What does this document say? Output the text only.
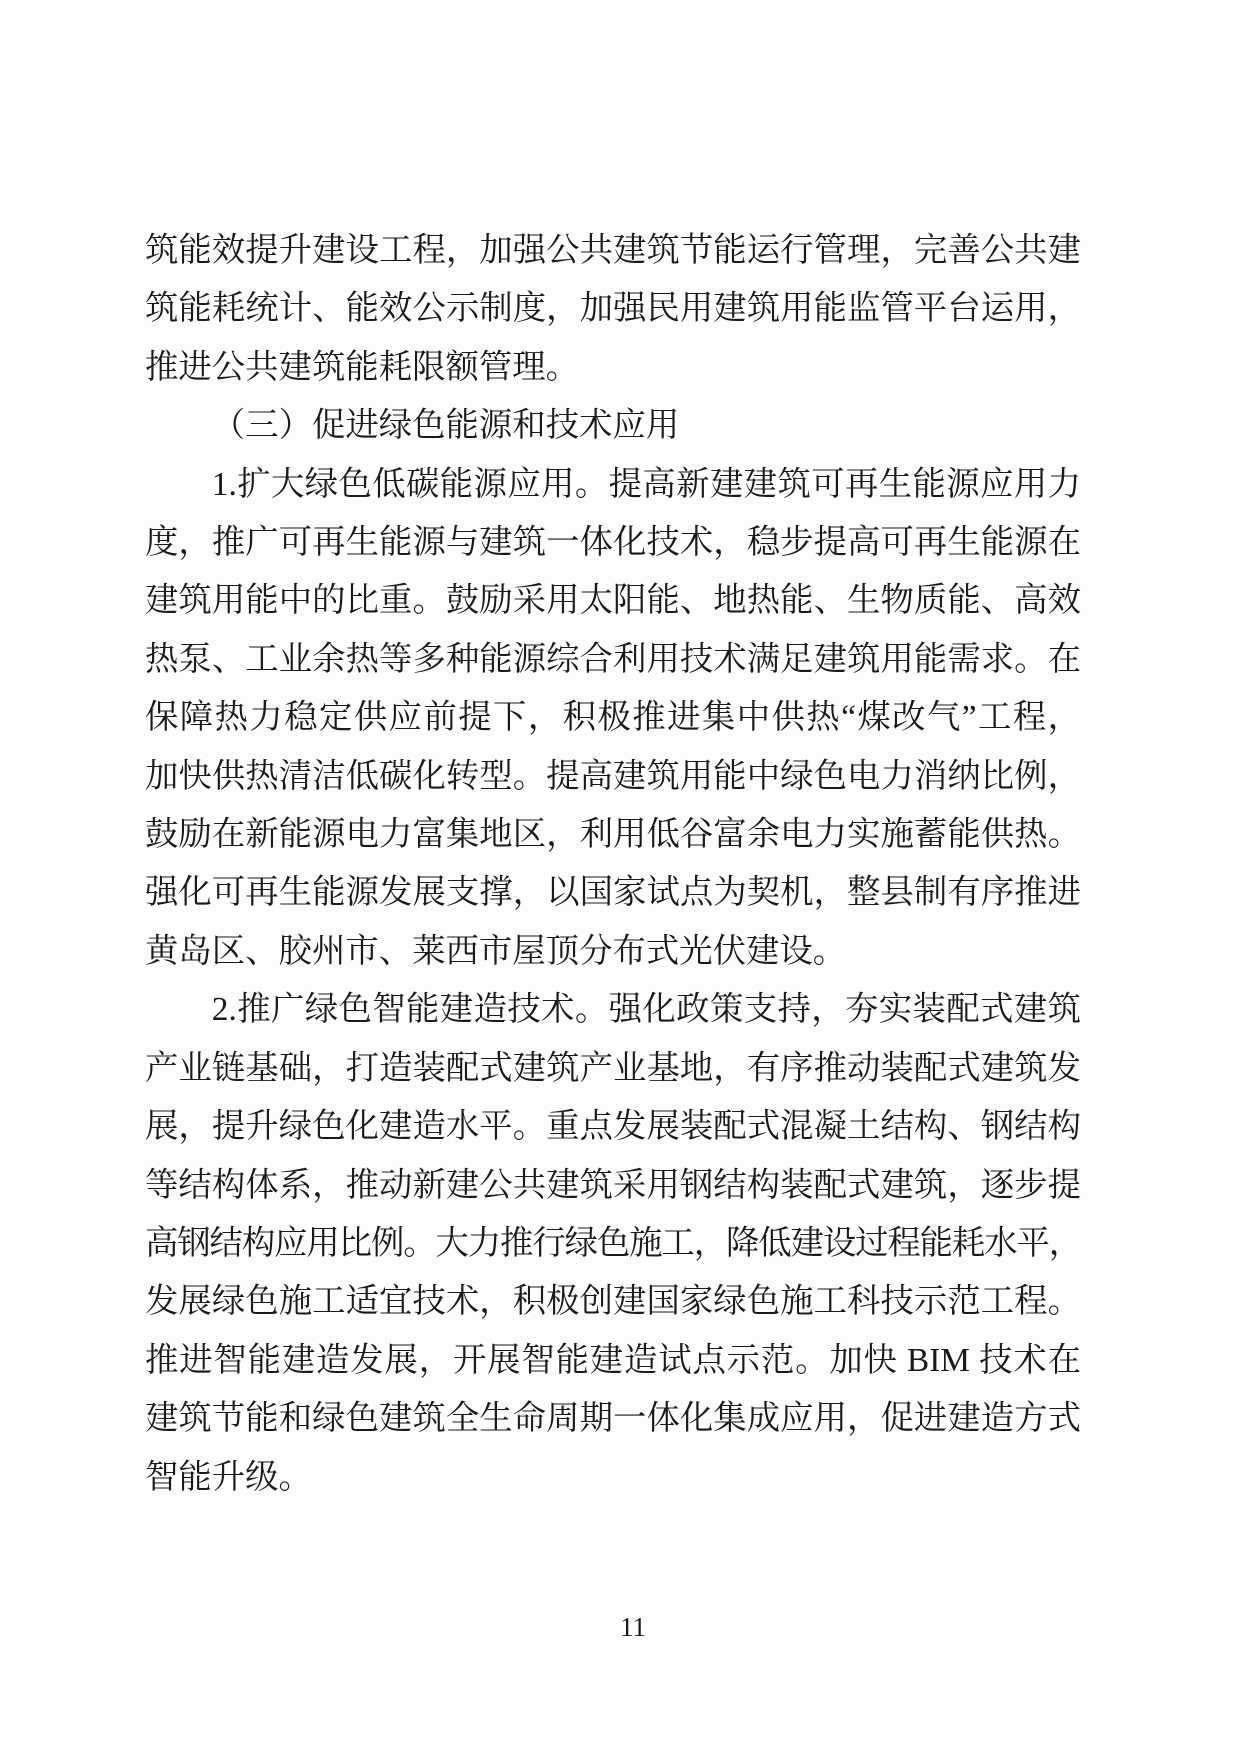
筑能效提升建设工程，加强公共建筑节能运行管理，完善公共建
筑能耗统计、能效公示制度，加强民用建筑用能监管平台运用，
推进公共建筑能耗限额管理。
（三）促进绿色能源和技术应用
1.扩大绿色低碳能源应用。提高新建建筑可再生能源应用力
度，推广可再生能源与建筑一体化技术，稳步提高可再生能源在
建筑用能中的比重。鼓励采用太阳能、地热能、生物质能、高效
热泵、工业余热等多种能源综合利用技术满足建筑用能需求。在
保障热力稳定供应前提下，积极推进集中供热“煤改气”工程，
加快供热清洁低碳化转型。提高建筑用能中绿色电力消纳比例，
鼓励在新能源电力富集地区，利用低谷富余电力实施蓄能供热。
强化可再生能源发展支撑，以国家试点为契机，整县制有序推进
黄岛区、胶州市、莱西市屋顶分布式光伏建设。
2.推广绿色智能建造技术。强化政策支持，夯实装配式建筑
产业链基础，打造装配式建筑产业基地，有序推动装配式建筑发
展，提升绿色化建造水平。重点发展装配式混凝土结构、钢结构
等结构体系，推动新建公共建筑采用钢结构装配式建筑，逐步提
高钢结构应用比例。大力推行绿色施工，降低建设过程能耗水平，
发展绿色施工适宜技术，积极创建国家绿色施工科技示范工程。
推进智能建造发展，开展智能建造试点示范。加快 BIM 技术在
建筑节能和绿色建筑全生命周期一体化集成应用，促进建造方式
智能升级。
11
